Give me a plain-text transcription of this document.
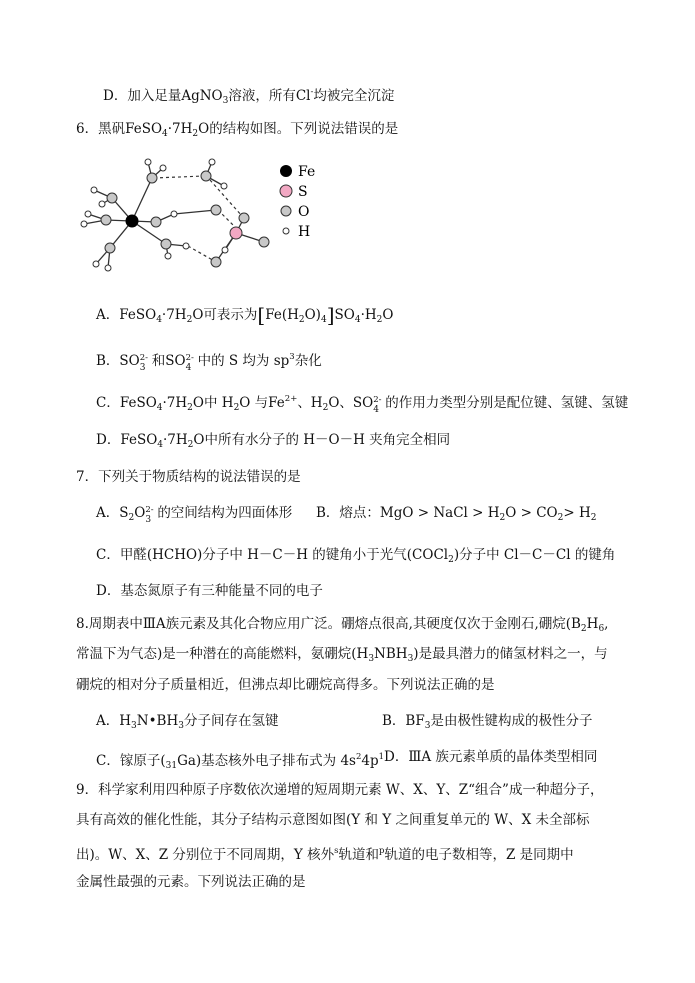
D．加入足量AgNO$_3$溶液，所有Cl-均被完全沉淀
6．黑矾$FeSO_4\cdot 7H_2O$的结构如图。下列说法错误的是
Fe
S
O
H
A．$FeSO_4\cdot 7H_2O$可表示为$[Fe(H_2O)_4]SO_4\cdot H_2O$
B．SO 2-
3 和SO 2-
4 中的 S 均为 $sp^3$杂化
C．$FeSO_4\cdot 7H_2O$中 $H_2O$ 与$Fe^{2+}$、$H_2O$、SO 2-
4 的作用力类型分别是配位键、氢键、氢键
D．$FeSO_4\cdot 7H_2O$中所有水分子的 H－O－H 夹角完全相同
7．下列关于物质结构的说法错误的是
A．$S_2O$ 2-
3 的空间结构为四面体形 B．熔点：MgO > NaCl > $H_2O > CO_2> H_2$
C．甲醛(HCHO)分子中 H－C－H 的键角小于光气(COCl$_2$)分子中 Cl－C－Cl 的键角
D．基态氮原子有三种能量不同的电子
8.周期表中ⅢA族元素及其化合物应用广泛。硼熔点很高,其硬度仅次于金刚石,硼烷($B_2H_6$,
常温下为气态)是一种潜在的高能燃料，氨硼烷$(H_3NBH_3)$是最具潜力的储氢材料之一，与
硼烷的相对分子质量相近，但沸点却比硼烷高得多。下列说法正确的是
A．$H_3N•BH_3$分子间存在氢键	B．$BF_3$是由极性键构成的极性分子
C．镓原子$(_{31}Ga)$基态核外电子排布式为 $4s^24p^1$ D．ⅢA 族元素单质的晶体类型相同
9．科学家利用四种原子序数依次递增的短周期元素 W、X、Y、Z“组合”成一种超分子，
具有高效的催化性能，其分子结构示意图如图(Y 和 Y 之间重复单元的 W、X 未全部标
出)。W、X、Z 分别位于不同周期，Y 核外$^s$轨道和$^p$轨道的电子数相等，Z 是同期中
金属性最强的元素。下列说法正确的是
